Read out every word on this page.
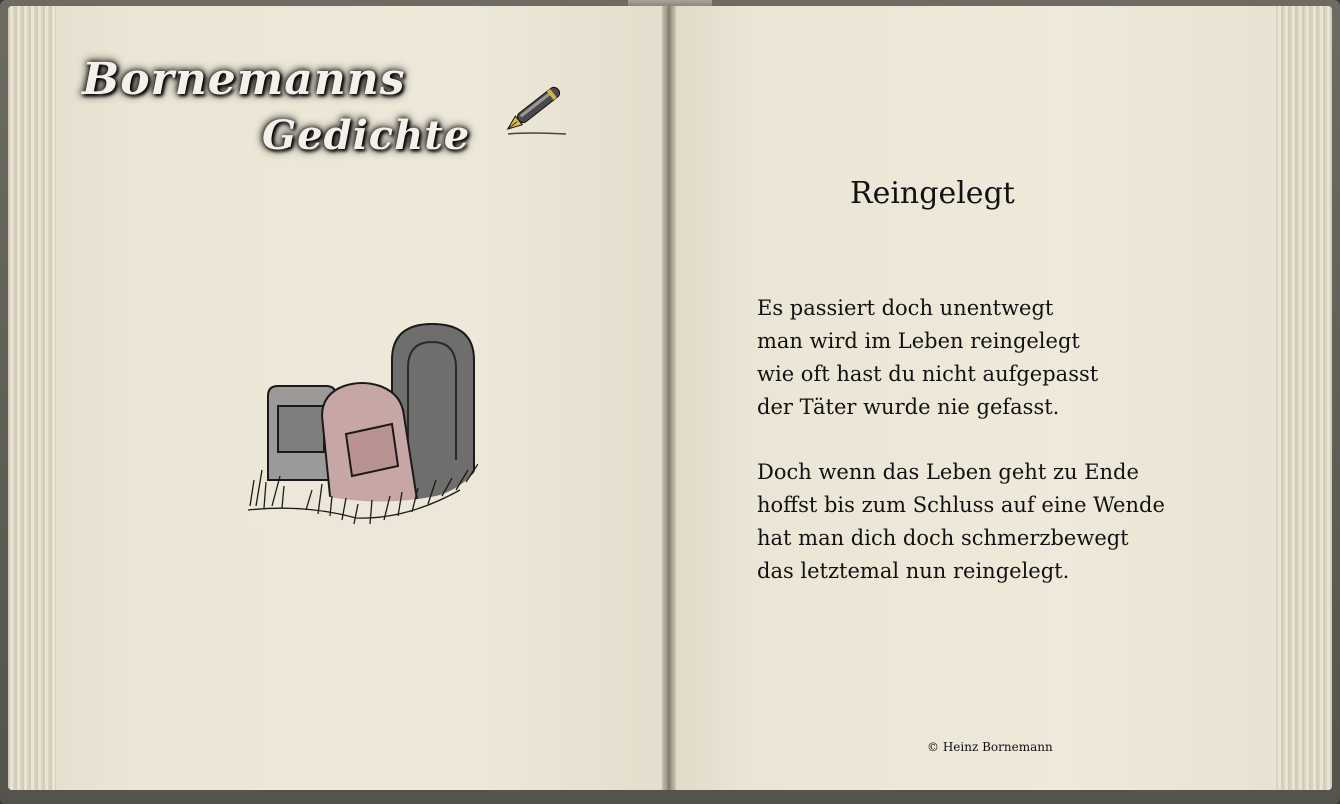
Bornemanns
Gedichte
Reingelegt
Es passiert doch unentwegt
man wird im Leben reingelegt
wie oft hast du nicht aufgepasst
der Täter wurde nie gefasst.
Doch wenn das Leben geht zu Ende
hoffst bis zum Schluss auf eine Wende
hat man dich doch schmerzbewegt
das letztemal nun reingelegt.
© Heinz Bornemann
